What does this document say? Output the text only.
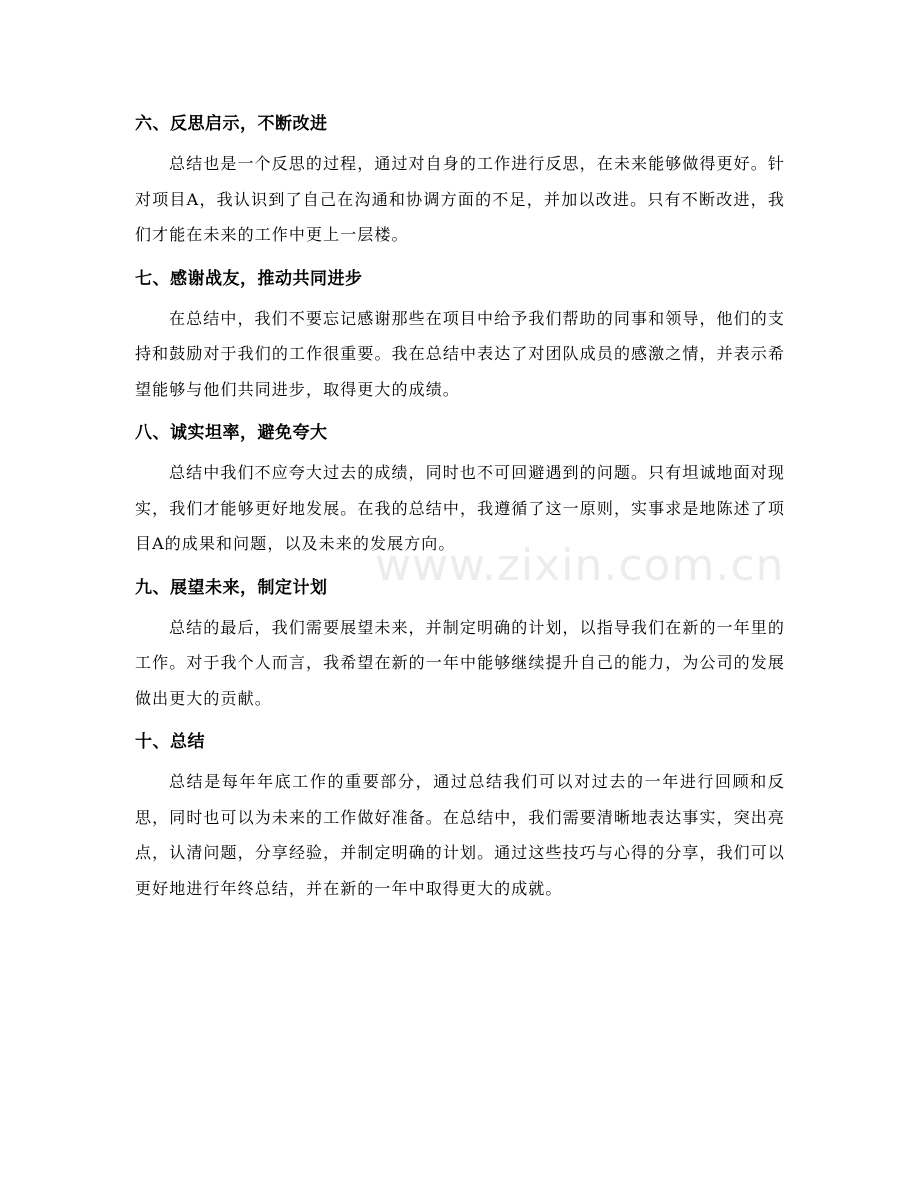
六、反思启示，不断改进

总结也是一个反思的过程，通过对自身的工作进行反思，在未来能够做得更好。针对项目A，我认识到了自己在沟通和协调方面的不足，并加以改进。只有不断改进，我们才能在未来的工作中更上一层楼。

七、感谢战友，推动共同进步

在总结中，我们不要忘记感谢那些在项目中给予我们帮助的同事和领导，他们的支持和鼓励对于我们的工作很重要。我在总结中表达了对团队成员的感激之情，并表示希望能够与他们共同进步，取得更大的成绩。

八、诚实坦率，避免夸大

总结中我们不应夸大过去的成绩，同时也不可回避遇到的问题。只有坦诚地面对现实，我们才能够更好地发展。在我的总结中，我遵循了这一原则，实事求是地陈述了项目A的成果和问题，以及未来的发展方向。

九、展望未来，制定计划

总结的最后，我们需要展望未来，并制定明确的计划，以指导我们在新的一年里的工作。对于我个人而言，我希望在新的一年中能够继续提升自己的能力，为公司的发展做出更大的贡献。

十、总结

总结是每年年底工作的重要部分，通过总结我们可以对过去的一年进行回顾和反思，同时也可以为未来的工作做好准备。在总结中，我们需要清晰地表达事实，突出亮点，认清问题，分享经验，并制定明确的计划。通过这些技巧与心得的分享，我们可以更好地进行年终总结，并在新的一年中取得更大的成就。

www.zixin.com.cn
